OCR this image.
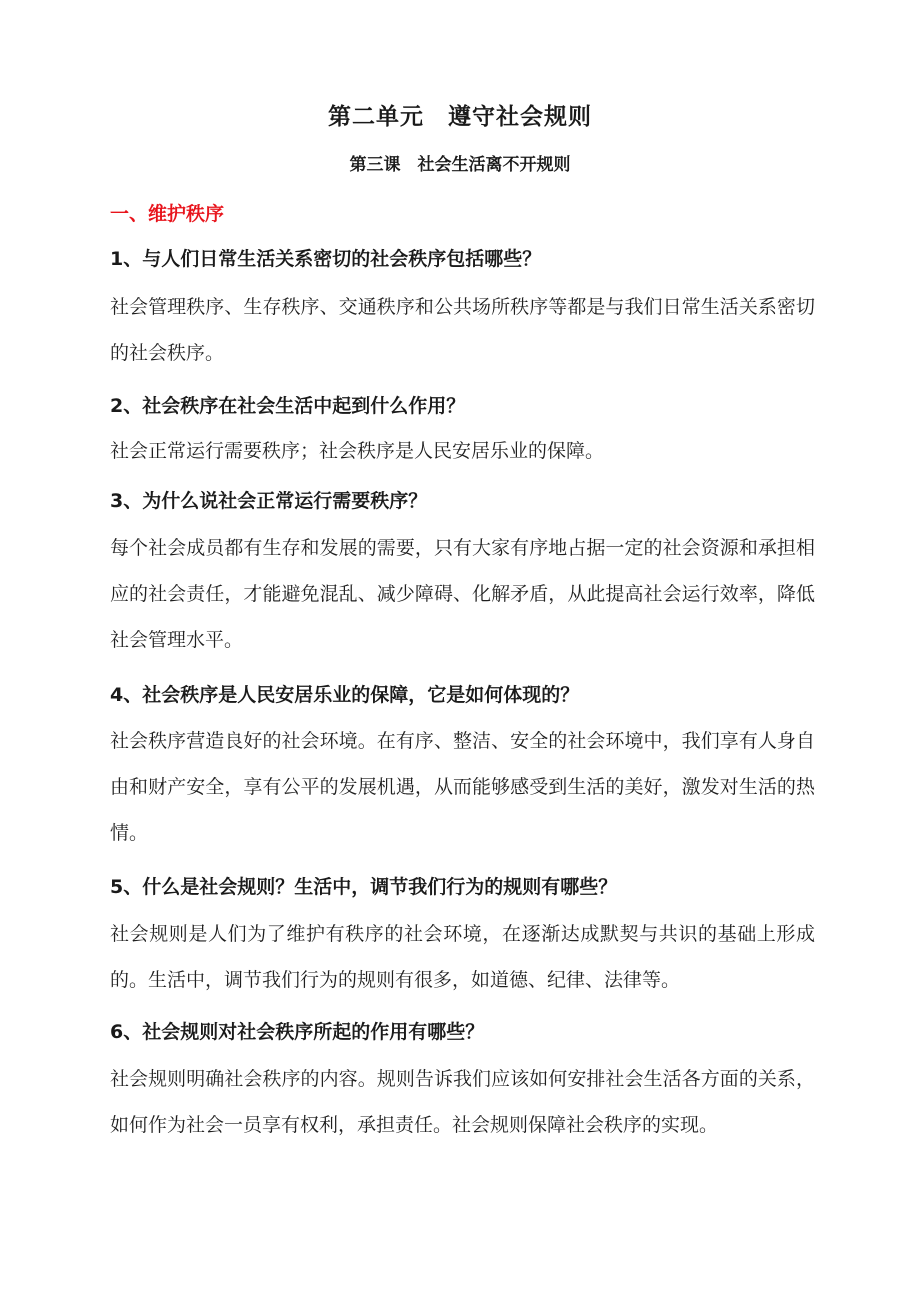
第二单元　遵守社会规则
第三课　社会生活离不开规则
一、维护秩序
1、与人们日常生活关系密切的社会秩序包括哪些？
社会管理秩序、生存秩序、交通秩序和公共场所秩序等都是与我们日常生活关系密切的社会秩序。
2、社会秩序在社会生活中起到什么作用？
社会正常运行需要秩序；社会秩序是人民安居乐业的保障。
3、为什么说社会正常运行需要秩序？
每个社会成员都有生存和发展的需要，只有大家有序地占据一定的社会资源和承担相应的社会责任，才能避免混乱、减少障碍、化解矛盾，从此提高社会运行效率，降低社会管理水平。
4、社会秩序是人民安居乐业的保障，它是如何体现的？
社会秩序营造良好的社会环境。在有序、整洁、安全的社会环境中，我们享有人身自由和财产安全，享有公平的发展机遇，从而能够感受到生活的美好，激发对生活的热情。
5、什么是社会规则？生活中，调节我们行为的规则有哪些？
社会规则是人们为了维护有秩序的社会环境，在逐渐达成默契与共识的基础上形成的。生活中，调节我们行为的规则有很多，如道德、纪律、法律等。
6、社会规则对社会秩序所起的作用有哪些？
社会规则明确社会秩序的内容。规则告诉我们应该如何安排社会生活各方面的关系，如何作为社会一员享有权利，承担责任。社会规则保障社会秩序的实现。
